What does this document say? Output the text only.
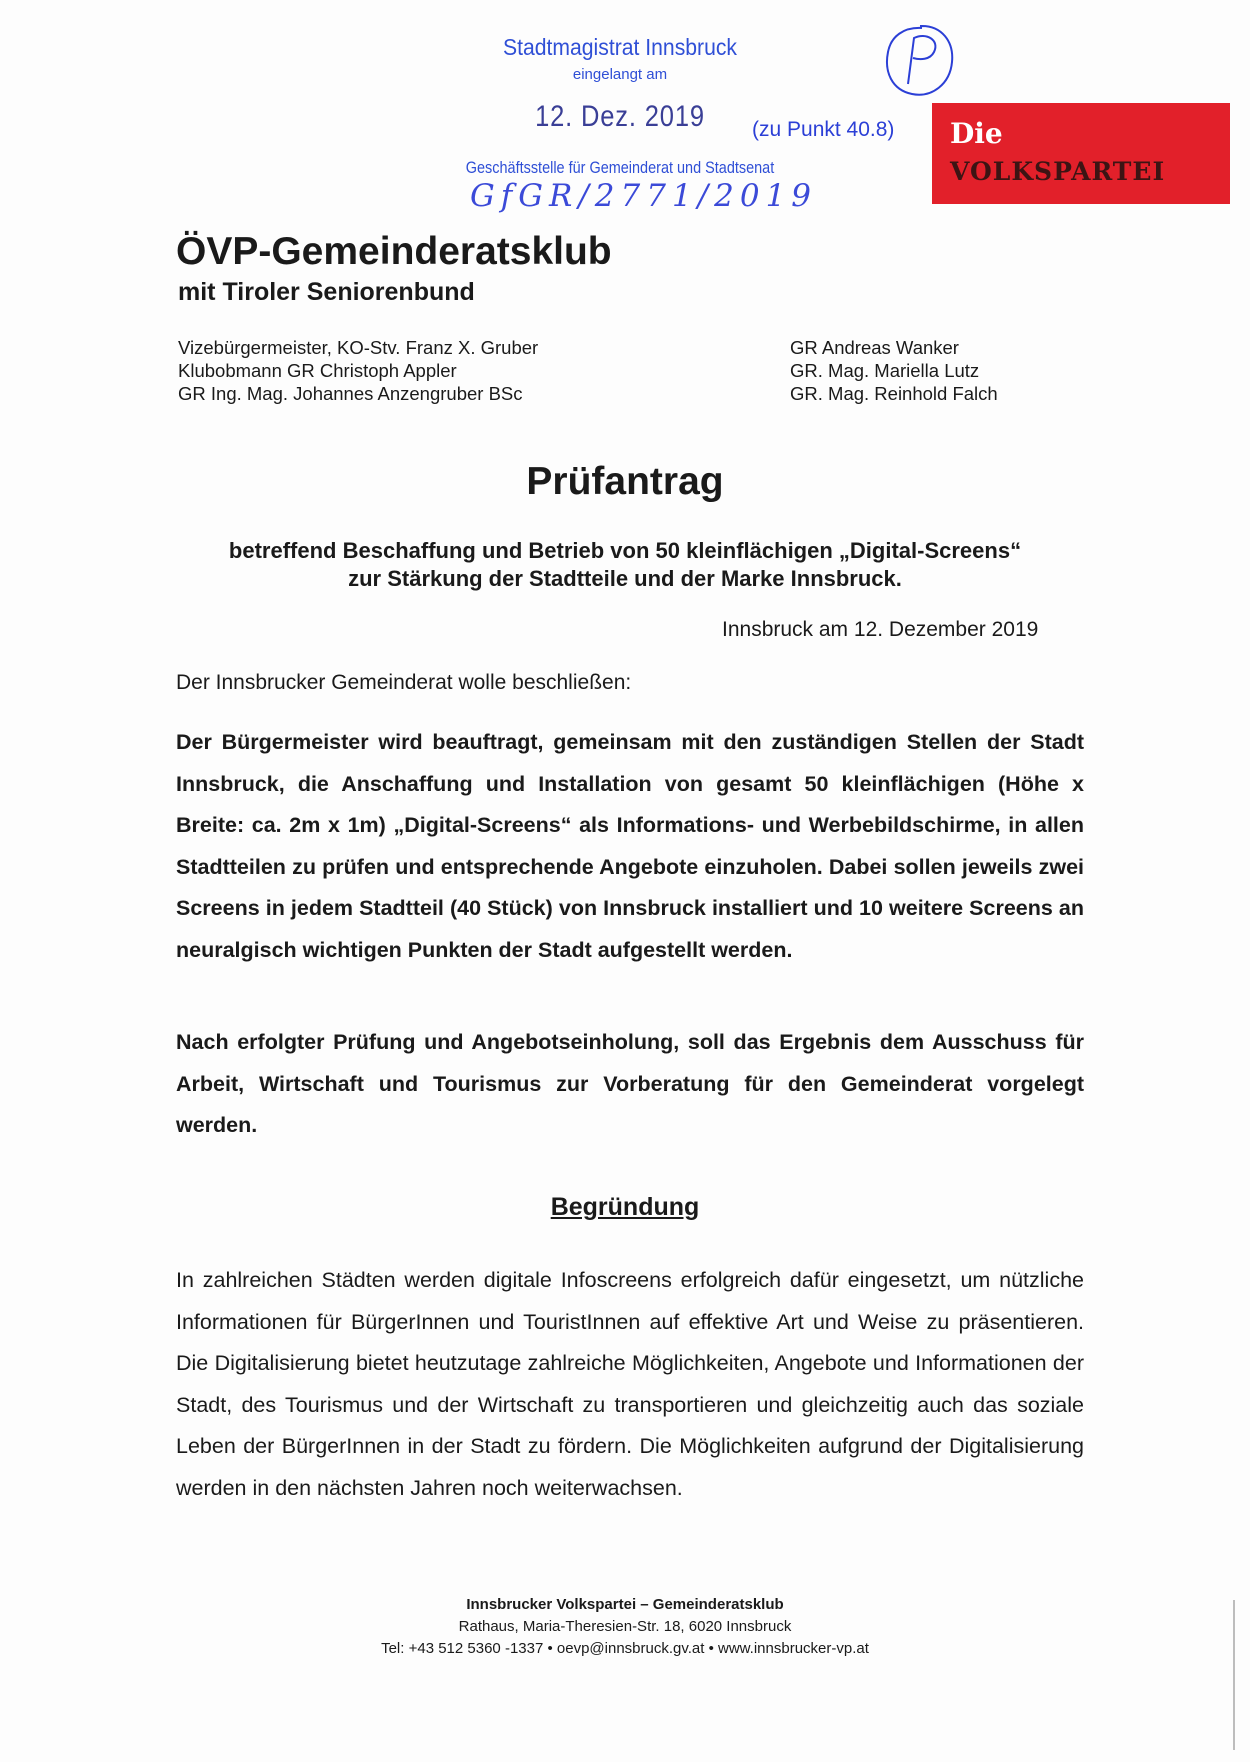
Stadtmagistrat Innsbruck
eingelangt am
12. Dez. 2019
Geschäftsstelle für Gemeinderat und Stadtsenat
GfGR/2771/2019
(zu Punkt 40.8) Die
VOLKSPARTEI
ÖVP-Gemeinderatsklub
mit Tiroler Seniorenbund
Vizebürgermeister, KO-Stv. Franz X. Gruber
Klubobmann GR Christoph Appler
GR Ing. Mag. Johannes Anzengruber BSc
GR Andreas Wanker
GR. Mag. Mariella Lutz
GR. Mag. Reinhold Falch
Prüfantrag
betreffend Beschaffung und Betrieb von 50 kleinflächigen „Digital-Screens“
zur Stärkung der Stadtteile und der Marke Innsbruck.
Innsbruck am 12. Dezember 2019
Der Innsbrucker Gemeinderat wolle beschließen:
Der Bürgermeister wird beauftragt, gemeinsam mit den zuständigen Stellen der Stadt Innsbruck, die Anschaffung und Installation von gesamt 50 kleinflächigen (Höhe x Breite: ca. 2m x 1m) „Digital-Screens“ als Informations- und Werbebildschirme, in allen Stadtteilen zu prüfen und entsprechende Angebote einzuholen. Dabei sollen jeweils zwei Screens in jedem Stadtteil (40 Stück) von Innsbruck installiert und 10 weitere Screens an neuralgisch wichtigen Punkten der Stadt aufgestellt werden.
Nach erfolgter Prüfung und Angebotseinholung, soll das Ergebnis dem Ausschuss für Arbeit, Wirtschaft und Tourismus zur Vorberatung für den Gemeinderat vorgelegt werden.
Begründung
In zahlreichen Städten werden digitale Infoscreens erfolgreich dafür eingesetzt, um nützliche Informationen für BürgerInnen und TouristInnen auf effektive Art und Weise zu präsentieren. Die Digitalisierung bietet heutzutage zahlreiche Möglichkeiten, Angebote und Informationen der Stadt, des Tourismus und der Wirtschaft zu transportieren und gleichzeitig auch das soziale Leben der BürgerInnen in der Stadt zu fördern. Die Möglichkeiten aufgrund der Digitalisierung werden in den nächsten Jahren noch weiterwachsen.
Innsbrucker Volkspartei – Gemeinderatsklub
Rathaus, Maria-Theresien-Str. 18, 6020 Innsbruck
Tel: +43 512 5360 -1337 • oevp@innsbruck.gv.at • www.innsbrucker-vp.at
